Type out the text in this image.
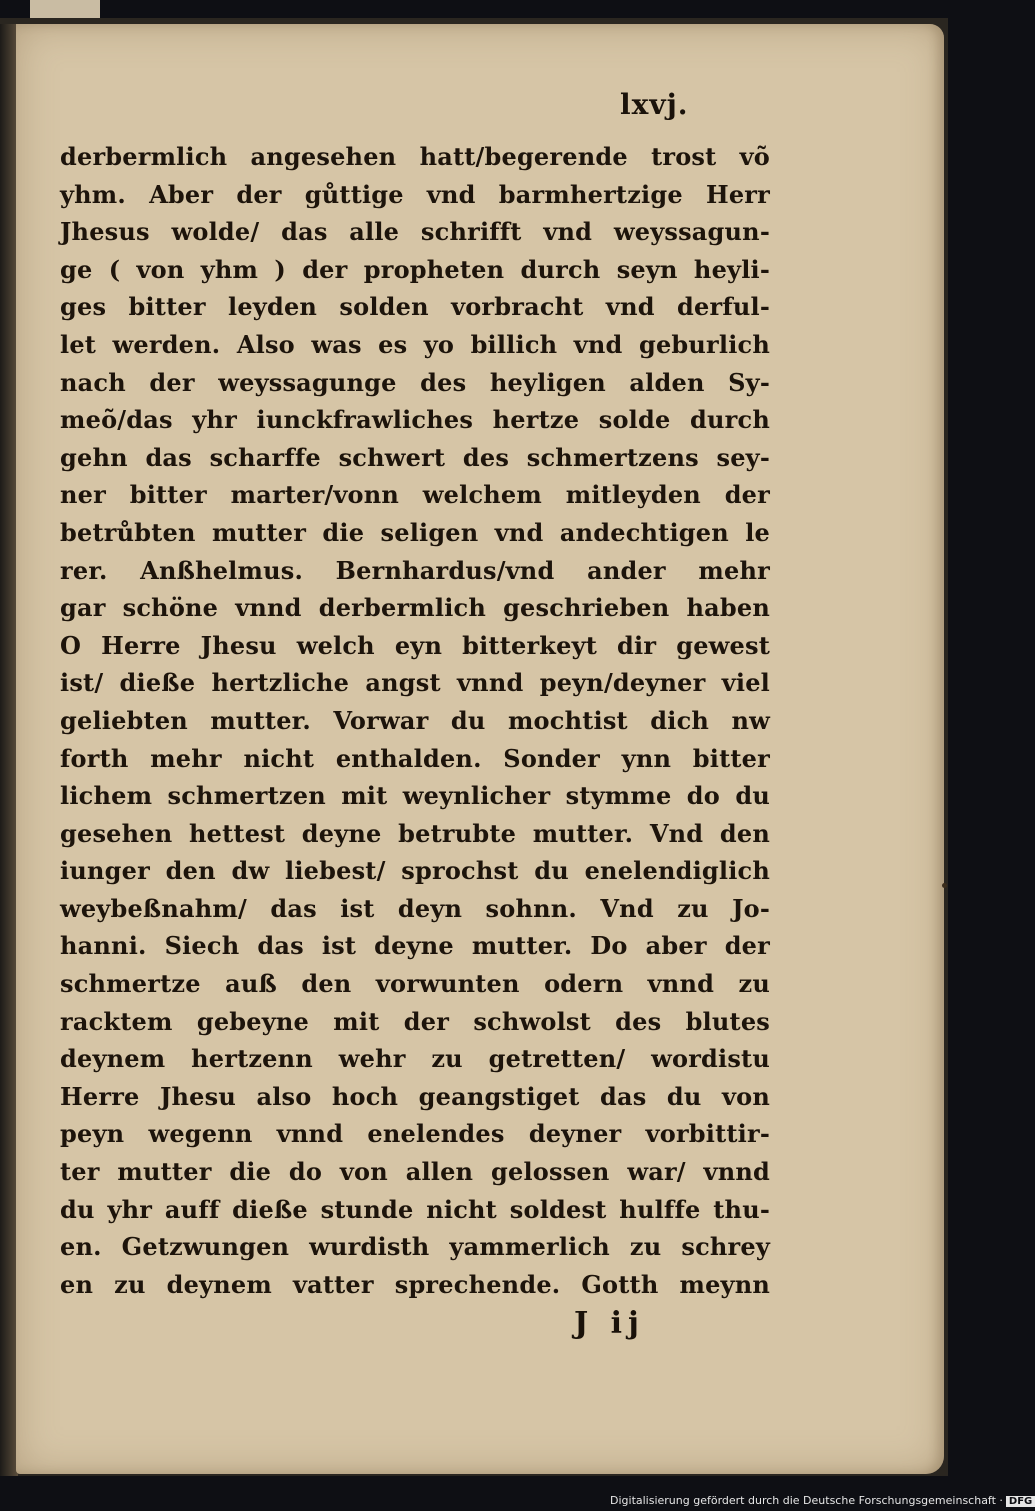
lxvj.
derbermlich angesehen hatt/begerende trost võ
yhm. Aber der gůttige vnd barmhertzige Herr
Jhesus wolde/ das alle schrifft vnd weyssagun-
ge ( von yhm ) der propheten durch seyn heyli-
ges bitter leyden solden vorbracht vnd derful-
let werden. Also was es yo billich vnd geburlich
nach der weyssagunge des heyligen alden Sy-
meõ/das yhr iunckfrawliches hertze solde durch
gehn das scharffe schwert des schmertzens sey-
ner bitter marter/vonn welchem mitleyden der
betrůbten mutter die seligen vnd andechtigen le
rer. Anßhelmus. Bernhardus/vnd ander mehr
gar schöne vnnd derbermlich geschrieben haben
O Herre Jhesu welch eyn bitterkeyt dir gewest
ist/ dieße hertzliche angst vnnd peyn/deyner viel
geliebten mutter. Vorwar du mochtist dich nw
forth mehr nicht enthalden. Sonder ynn bitter
lichem schmertzen mit weynlicher stymme do du
gesehen hettest deyne betrubte mutter. Vnd den
iunger den dw liebest/ sprochst du enelendiglich
weybeßnahm/ das ist deyn sohnn. Vnd zu Jo-
hanni. Siech das ist deyne mutter. Do aber der
schmertze auß den vorwunten odern vnnd zu
racktem gebeyne mit der schwolst des blutes
deynem hertzenn wehr zu getretten/ wordistu
Herre Jhesu also hoch geangstiget das du von
peyn wegenn vnnd enelendes deyner vorbittir-
ter mutter die do von allen gelossen war/ vnnd
du yhr auff dieße stunde nicht soldest hulffe thu-
en. Getzwungen wurdisth yammerlich zu schrey
en zu deynem vatter sprechende. Gotth meynn
J ij
Digitalisierung gefördert durch die Deutsche Forschungsgemeinschaft · DFG
